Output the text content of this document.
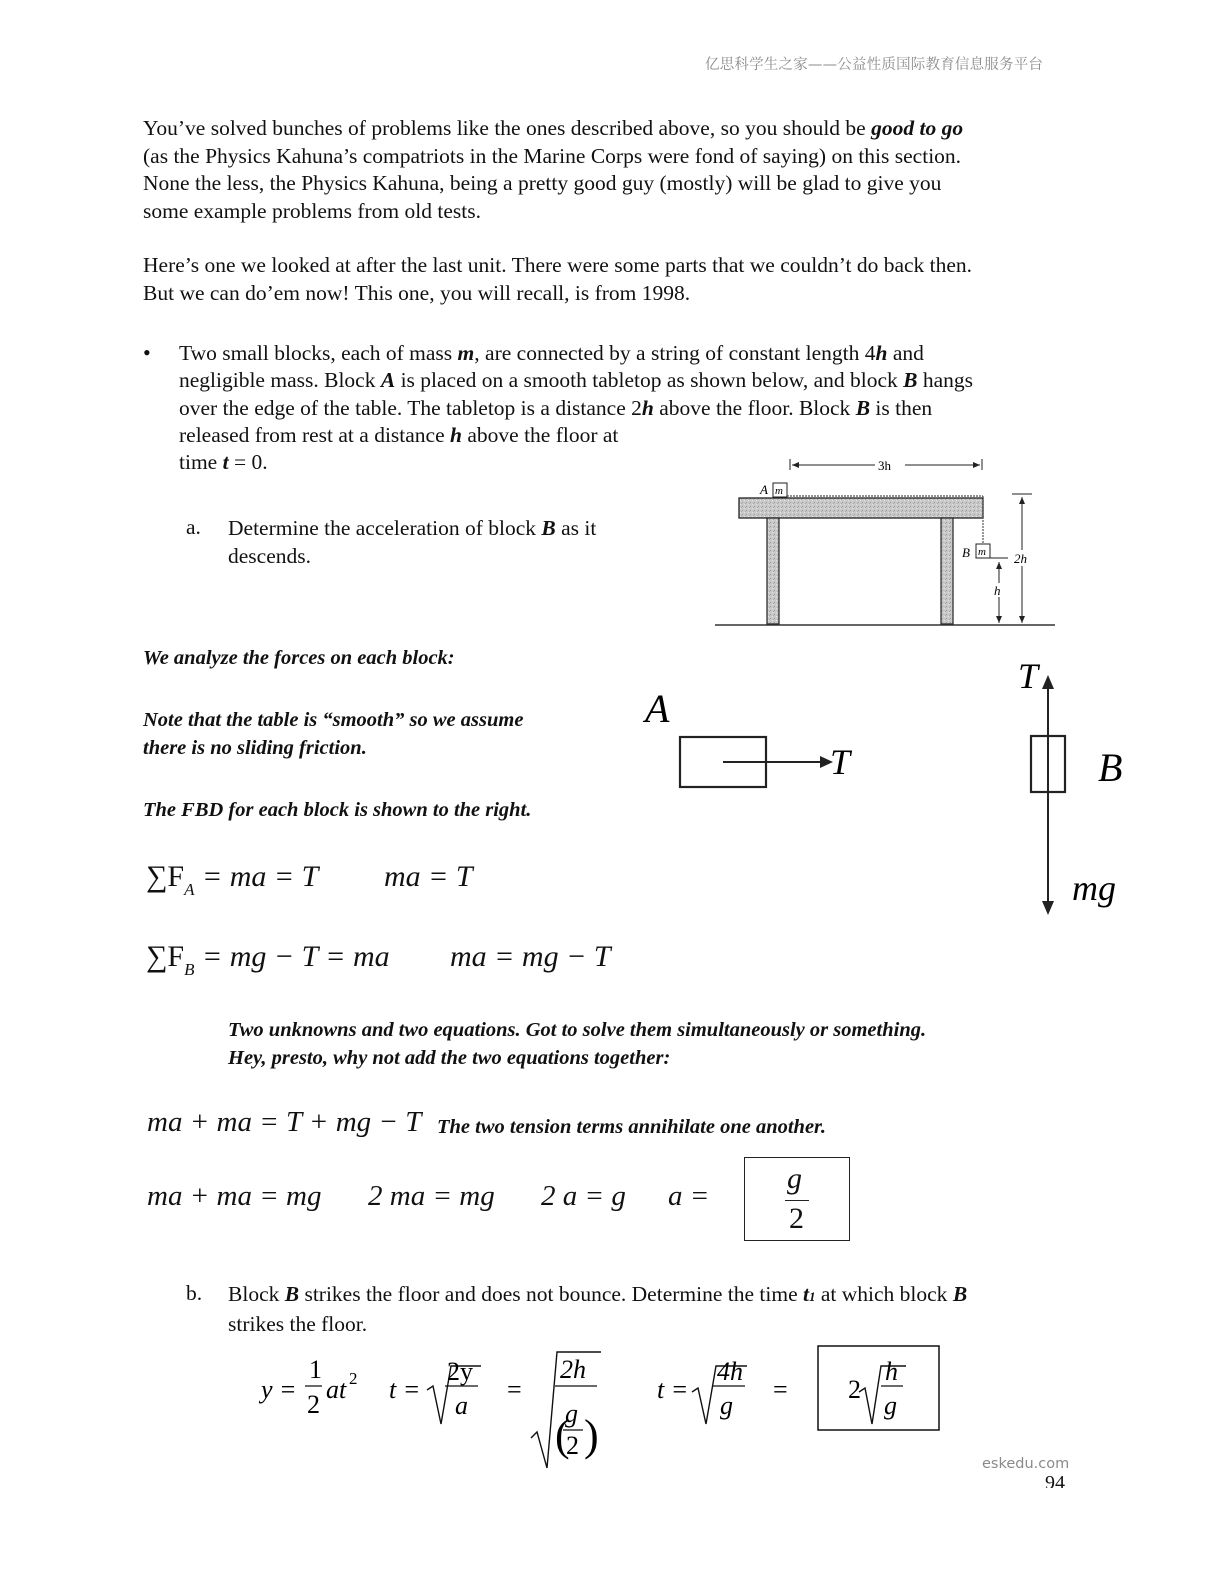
亿思科学生之家——公益性质国际教育信息服务平台
You’ve solved bunches of problems like the ones described above, so you should be good to go
(as the Physics Kahuna’s compatriots in the Marine Corps were fond of saying) on this section.
None the less, the Physics Kahuna, being a pretty good guy (mostly) will be glad to give you
some example problems from old tests.
Here’s one we looked at after the last unit. There were some parts that we couldn’t do back then.
But we can do’em now! This one, you will recall, is from 1998.
• Two small blocks, each of mass m, are connected by a string of constant length 4h and
negligible mass. Block A is placed on a smooth tabletop as shown below, and block B hangs
over the edge of the table. The tabletop is a distance 2h above the floor. Block B is then
released from rest at a distance h above the floor at
time t = 0.
a. Determine the acceleration of block B as it
descends.
3h
A m
B m
h
2h
We analyze the forces on each block:
Note that the table is “smooth” so we assume
there is no sliding friction.
The FBD for each block is shown to the right.
A
T
T
B
mg
$\sum F_A$ = ma = T ma = T
$\sum F_B$ = mg − T = ma ma = mg − T
Two unknowns and two equations. Got to solve them simultaneously or something.
Hey, presto, why not add the two equations together:
ma + ma = T + mg − T The two tension terms annihilate one another.
ma + ma = mg 2 ma = mg 2 a = g a =
g
2
b. Block B strikes the floor and does not bounce. Determine the time t1 at which block B
strikes the floor.
y =
1
2
at 2 t =
2y
a
=
2h
(
g
2 )
t =
4h
g
= 2
h
g
eskedu.com
94
